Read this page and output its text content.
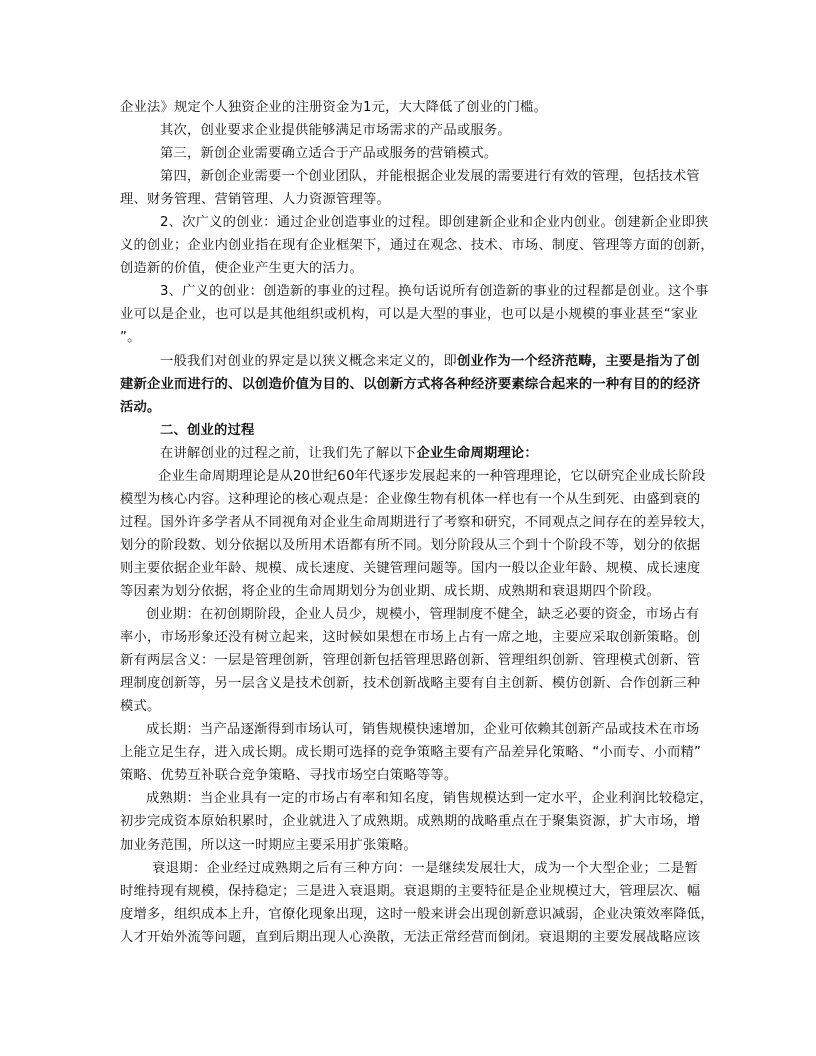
企业法》规定个人独资企业的注册资金为1元，大大降低了创业的门槛。
其次，创业要求企业提供能够满足市场需求的产品或服务。
第三，新创企业需要确立适合于产品或服务的营销模式。
第四，新创企业需要一个创业团队，并能根据企业发展的需要进行有效的管理，包括技术管
理、财务管理、营销管理、人力资源管理等。
2、次广义的创业：通过企业创造事业的过程。即创建新企业和企业内创业。创建新企业即狭
义的创业；企业内创业指在现有企业框架下，通过在观念、技术、市场、制度、管理等方面的创新，
创造新的价值，使企业产生更大的活力。
3、广义的创业：创造新的事业的过程。换句话说所有创造新的事业的过程都是创业。这个事
业可以是企业，也可以是其他组织或机构，可以是大型的事业，也可以是小规模的事业甚至“家业
”。
一般我们对创业的界定是以狭义概念来定义的，即创业作为一个经济范畴，主要是指为了创
建新企业而进行的、以创造价值为目的、以创新方式将各种经济要素综合起来的一种有目的的经济
活动。
二、创业的过程
在讲解创业的过程之前，让我们先了解以下企业生命周期理论：
企业生命周期理论是从20世纪60年代逐步发展起来的一种管理理论，它以研究企业成长阶段
模型为核心内容。这种理论的核心观点是：企业像生物有机体一样也有一个从生到死、由盛到衰的
过程。国外许多学者从不同视角对企业生命周期进行了考察和研究，不同观点之间存在的差异较大，
划分的阶段数、划分依据以及所用术语都有所不同。划分阶段从三个到十个阶段不等，划分的依据
则主要依据企业年龄、规模、成长速度、关键管理问题等。国内一般以企业年龄、规模、成长速度
等因素为划分依据，将企业的生命周期划分为创业期、成长期、成熟期和衰退期四个阶段。
创业期：在初创期阶段，企业人员少，规模小，管理制度不健全，缺乏必要的资金，市场占有
率小，市场形象还没有树立起来，这时候如果想在市场上占有一席之地，主要应采取创新策略。创
新有两层含义：一层是管理创新，管理创新包括管理思路创新、管理组织创新、管理模式创新、管
理制度创新等，另一层含义是技术创新，技术创新战略主要有自主创新、模仿创新、合作创新三种
模式。
成长期：当产品逐渐得到市场认可，销售规模快速增加，企业可依赖其创新产品或技术在市场
上能立足生存，进入成长期。成长期可选择的竞争策略主要有产品差异化策略、“小而专、小而精”
策略、优势互补联合竞争策略、寻找市场空白策略等等。
成熟期：当企业具有一定的市场占有率和知名度，销售规模达到一定水平，企业利润比较稳定，
初步完成资本原始积累时，企业就进入了成熟期。成熟期的战略重点在于聚集资源，扩大市场，增
加业务范围，所以这一时期应主要采用扩张策略。
衰退期：企业经过成熟期之后有三种方向：一是继续发展壮大，成为一个大型企业；二是暂
时维持现有规模，保持稳定；三是进入衰退期。衰退期的主要特征是企业规模过大，管理层次、幅
度增多，组织成本上升，官僚化现象出现，这时一般来讲会出现创新意识减弱，企业决策效率降低，
人才开始外流等问题，直到后期出现人心涣散，无法正常经营而倒闭。衰退期的主要发展战略应该
